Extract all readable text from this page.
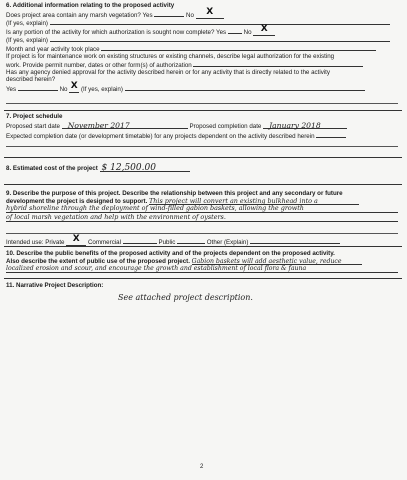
6. Additional information relating to the proposed activity
Does project area contain any marsh vegetation? Yes	No X
(If yes, explain)
Is any portion of the activity for which authorization is sought now complete? Yes	No X
(If yes, explain)
Month and year activity took place
If project is for maintenance work on existing structures or existing channels, describe legal authorization for the existing
work. Provide permit number, dates or other form(s) of authorization
Has any agency denied approval for the activity described herein or for any activity that is directly related to the activity
described herein?
Yes	No X (If yes, explain)
7. Project schedule
Proposed start date November 2017	Proposed completion date January 2018
Expected completion date (or development timetable) for any projects dependent on the activity described herein
8. Estimated cost of the project $ 12,500.00
9. Describe the purpose of this project. Describe the relationship between this project and any secondary or future
development the project is designed to support. This project will convert an existing bulkhead into a
hybrid shoreline through the deployment of wind-filled gabion baskets, allowing the growth
of local marsh vegetation and help with the environment of oysters.
Intended use: Private X Commercial	Public	Other (Explain)
10. Describe the public benefits of the proposed activity and of the projects dependent on the proposed activity.
Also describe the extent of public use of the proposed project. Gabion baskets will add aesthetic value, reduce
localized erosion and scour, and encourage the growth and establishment of local flora & fauna
11. Narrative Project Description:
See attached project description.
2
